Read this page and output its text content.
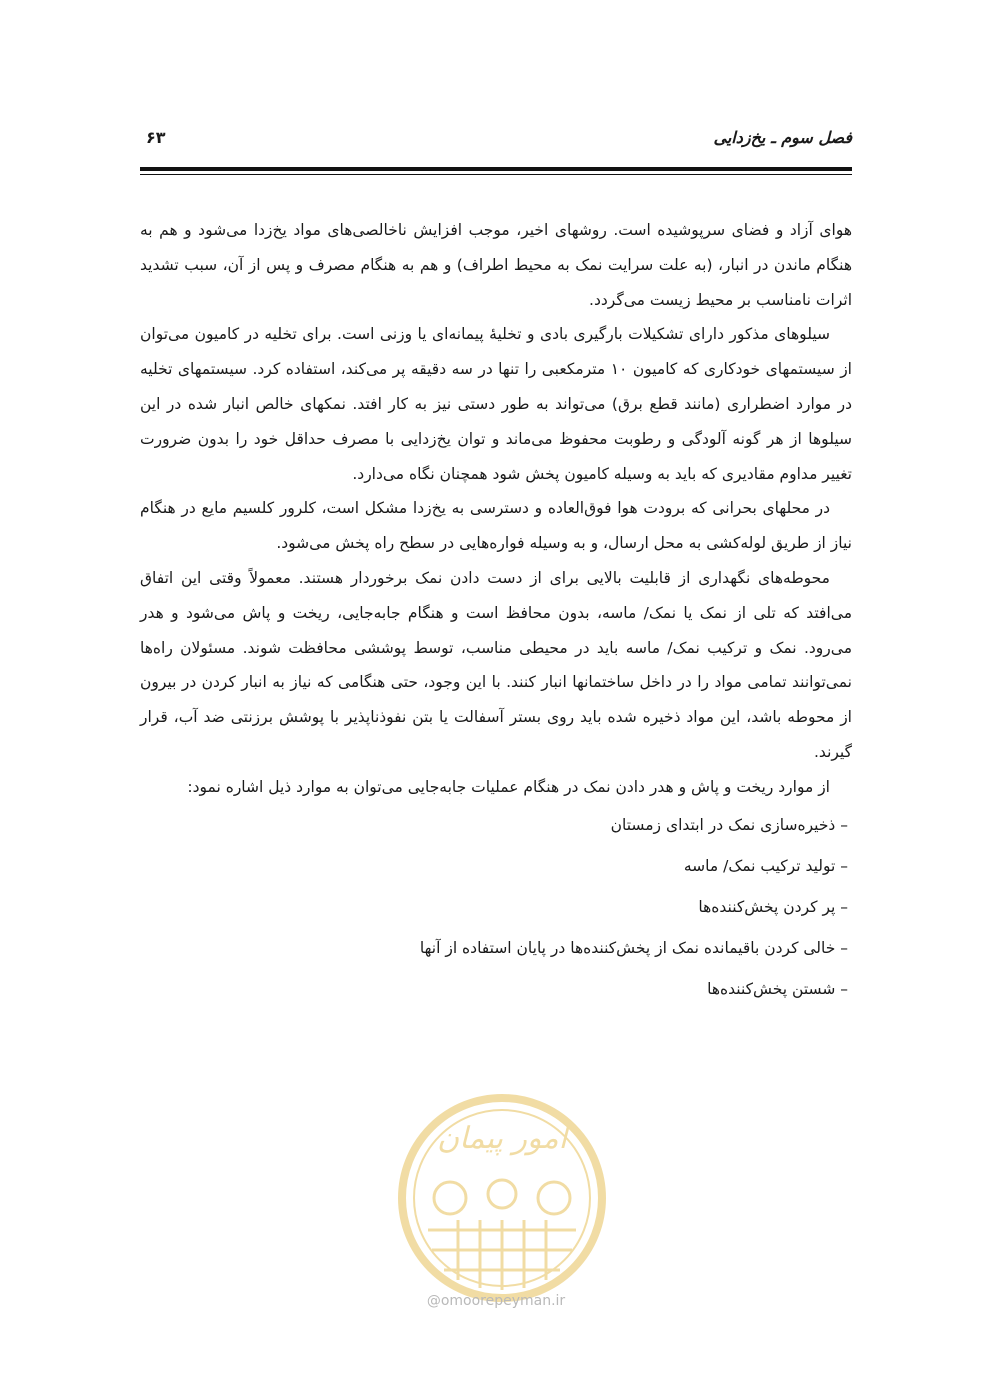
فصل سوم ـ یخ‌زدایی
۶۳

هوای آزاد و فضای سرپوشیده است. روشهای اخیر، موجب افزایش ناخالصی‌های مواد یخ‌زدا می‌شود و هم به هنگام ماندن در انبار، (به علت سرایت نمک به محیط اطراف) و هم به هنگام مصرف و پس از آن، سبب تشدید اثرات نامناسب بر محیط زیست می‌گردد.

سیلوهای مذکور دارای تشکیلات بارگیری بادی و تخلیهٔ پیمانه‌ای یا وزنی است. برای تخلیه در کامیون می‌توان از سیستمهای خودکاری که کامیون ۱۰ مترمکعبی را تنها در سه دقیقه پر می‌کند، استفاده کرد. سیستمهای تخلیه در موارد اضطراری (مانند قطع برق) می‌تواند به طور دستی نیز به کار افتد. نمکهای خالص انبار شده در این سیلوها از هر گونه آلودگی و رطوبت محفوظ می‌ماند و توان یخ‌زدایی با مصرف حداقل خود را بدون ضرورت تغییر مداوم مقادیری که باید به وسیله کامیون پخش شود همچنان نگاه می‌دارد.

در محلهای بحرانی که برودت هوا فوق‌العاده و دسترسی به یخ‌زدا مشکل است، کلرور کلسیم مایع در هنگام نیاز از طریق لوله‌کشی به محل ارسال، و به وسیله فواره‌هایی در سطح راه پخش می‌شود.

محوطه‌های نگهداری از قابلیت بالایی برای از دست دادن نمک برخوردار هستند. معمولاً وقتی این اتفاق می‌افتد که تلی از نمک یا نمک/ ماسه، بدون محافظ است و هنگام جابه‌جایی، ریخت و پاش می‌شود و هدر می‌رود. نمک و ترکیب نمک/ ماسه باید در محیطی مناسب، توسط پوششی محافظت شوند. مسئولان راه‌ها نمی‌توانند تمامی مواد را در داخل ساختمانها انبار کنند. با این وجود، حتی هنگامی که نیاز به انبار کردن در بیرون از محوطه باشد، این مواد ذخیره شده باید روی بستر آسفالت یا بتن نفوذناپذیر با پوشش برزنتی ضد آب، قرار گیرند.

از موارد ریخت و پاش و هدر دادن نمک در هنگام عملیات جابه‌جایی می‌توان به موارد ذیل اشاره نمود:

– ذخیره‌سازی نمک در ابتدای زمستان
– تولید ترکیب نمک/ ماسه
– پر کردن پخش‌کننده‌ها
– خالی کردن باقیمانده نمک از پخش‌کننده‌ها در پایان استفاده از آنها
– شستن پخش‌کننده‌ها
امور پیمان
@omoorepeyman.ir
